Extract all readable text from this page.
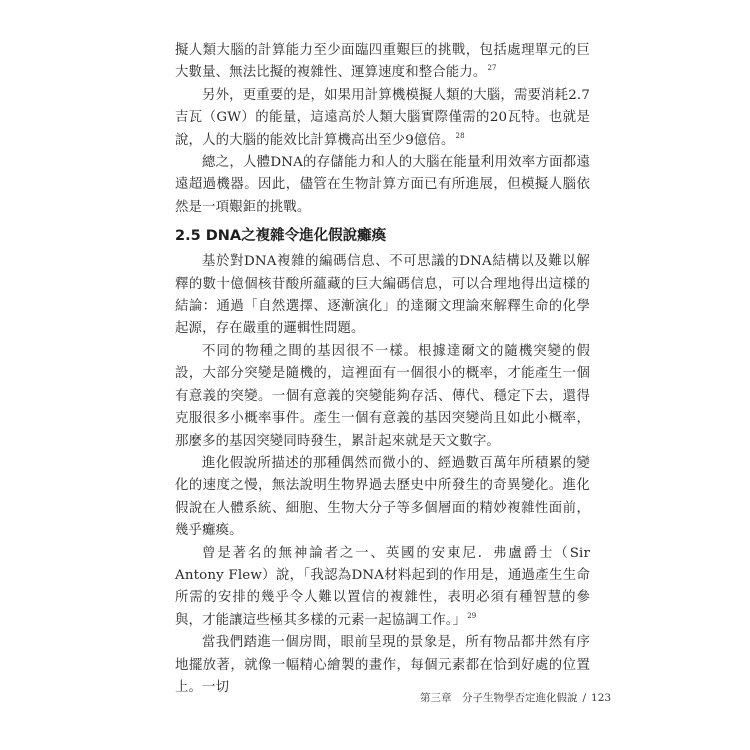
擬人類大腦的計算能力至少面臨四重艱巨的挑戰，包括處理單元的巨大數量、無法比擬的複雜性、運算速度和整合能力。$^{27}$

另外，更重要的是，如果用計算機模擬人類的大腦，需要消耗2.7吉瓦（GW）的能量，這遠高於人類大腦實際僅需的20瓦特。也就是說，人的大腦的能效比計算機高出至少9億倍。$^{28}$

總之，人體DNA的存儲能力和人的大腦在能量利用效率方面都遠遠超過機器。因此，儘管在生物計算方面已有所進展，但模擬人腦依然是一項艱鉅的挑戰。

2.5 DNA之複雜令進化假說癱瘓

基於對DNA複雜的編碼信息、不可思議的DNA結構以及難以解釋的數十億個核苷酸所蘊藏的巨大編碼信息，可以合理地得出這樣的結論：通過「自然選擇、逐漸演化」的達爾文理論來解釋生命的化學起源，存在嚴重的邏輯性問題。

不同的物種之間的基因很不一樣。根據達爾文的隨機突變的假設，大部分突變是隨機的，這裡面有一個很小的概率，才能產生一個有意義的突變。一個有意義的突變能夠存活、傳代、穩定下去，還得克服很多小概率事件。產生一個有意義的基因突變尚且如此小概率，那麼多的基因突變同時發生，累計起來就是天文數字。

進化假說所描述的那種偶然而微小的、經過數百萬年所積累的變化的速度之慢，無法說明生物界過去歷史中所發生的奇異變化。進化假說在人體系統、細胞、生物大分子等多個層面的精妙複雜性面前，幾乎癱瘓。

曾是著名的無神論者之一、英國的安東尼．弗盧爵士（Sir Antony Flew）說，「我認為DNA材料起到的作用是，通過產生生命所需的安排的幾乎令人難以置信的複雜性，表明必須有種智慧的參與，才能讓這些極其多樣的元素一起協調工作。」$^{29}$

當我們踏進一個房間，眼前呈現的景象是，所有物品都井然有序地擺放著，就像一幅精心繪製的畫作，每個元素都在恰到好處的位置上。一切

第三章　分子生物學否定進化假說 / 123
